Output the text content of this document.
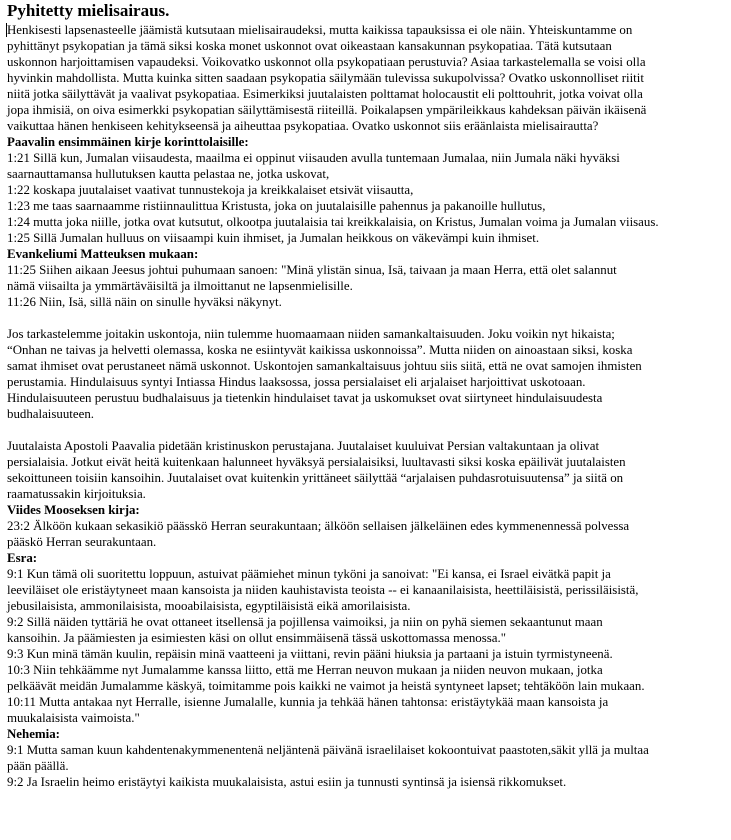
Pyhitetty mielisairaus.

Henkisesti lapsenasteelle jäämistä kutsutaan mielisairaudeksi, mutta kaikissa tapauksissa ei ole näin. Yhteiskuntamme on

pyhittänyt psykopatian ja tämä siksi koska monet uskonnot ovat oikeastaan kansakunnan psykopatiaa. Tätä kutsutaan

uskonnon harjoittamisen vapaudeksi. Voikovatko uskonnot olla psykopatiaan perustuvia? Asiaa tarkastelemalla se voisi olla

hyvinkin mahdollista. Mutta kuinka sitten saadaan psykopatia säilymään tulevissa sukupolvissa? Ovatko uskonnolliset riitit

niitä jotka säilyttävät ja vaalivat psykopatiaa. Esimerkiksi juutalaisten polttamat holocaustit eli polttouhrit, jotka voivat olla

jopa ihmisiä, on oiva esimerkki psykopatian säilyttämisestä riiteillä. Poikalapsen ympärileikkaus kahdeksan päivän ikäisenä

vaikuttaa hänen henkiseen kehitykseensä ja aiheuttaa psykopatiaa. Ovatko uskonnot siis eräänlaista mielisairautta?

Paavalin ensimmäinen kirje korinttolaisille:

1:21 Sillä kun, Jumalan viisaudesta, maailma ei oppinut viisauden avulla tuntemaan Jumalaa, niin Jumala näki hyväksi

saarnauttamansa hullutuksen kautta pelastaa ne, jotka uskovat,

1:22 koskapa juutalaiset vaativat tunnustekoja ja kreikkalaiset etsivät viisautta,

1:23 me taas saarnaamme ristiinnaulittua Kristusta, joka on juutalaisille pahennus ja pakanoille hullutus,

1:24 mutta joka niille, jotka ovat kutsutut, olkootpa juutalaisia tai kreikkalaisia, on Kristus, Jumalan voima ja Jumalan viisaus.

1:25 Sillä Jumalan hulluus on viisaampi kuin ihmiset, ja Jumalan heikkous on väkevämpi kuin ihmiset.

Evankeliumi Matteuksen mukaan:

11:25 Siihen aikaan Jeesus johtui puhumaan sanoen: "Minä ylistän sinua, Isä, taivaan ja maan Herra, että olet salannut

nämä viisailta ja ymmärtäväisiltä ja ilmoittanut ne lapsenmielisille.

11:26 Niin, Isä, sillä näin on sinulle hyväksi näkynyt.

Jos tarkastelemme joitakin uskontoja, niin tulemme huomaamaan niiden samankaltaisuuden. Joku voikin nyt hikaista;

“Onhan ne taivas ja helvetti olemassa, koska ne esiintyvät kaikissa uskonnoissa”. Mutta niiden on ainoastaan siksi, koska

samat ihmiset ovat perustaneet nämä uskonnot. Uskontojen samankaltaisuus johtuu siis siitä, että ne ovat samojen ihmisten

perustamia. Hindulaisuus syntyi Intiassa Hindus laaksossa, jossa persialaiset eli arjalaiset harjoittivat uskotoaan.

Hindulaisuuteen perustuu budhalaisuus ja tietenkin hindulaiset tavat ja uskomukset ovat siirtyneet hindulaisuudesta

budhalaisuuteen.

Juutalaista Apostoli Paavalia pidetään kristinuskon perustajana. Juutalaiset kuuluivat Persian valtakuntaan ja olivat

persialaisia. Jotkut eivät heitä kuitenkaan halunneet hyväksyä persialaisiksi, luultavasti siksi koska epäilivät juutalaisten

sekoittuneen toisiin kansoihin. Juutalaiset ovat kuitenkin yrittäneet säilyttää “arjalaisen puhdasrotuisuutensa” ja siitä on

raamatussakin kirjoituksia.

Viides Mooseksen kirja:

23:2 Älköön kukaan sekasikiö päässkö Herran seurakuntaan; älköön sellaisen jälkeläinen edes kymmenennessä polvessa

pääskö Herran seurakuntaan.

Esra:

9:1 Kun tämä oli suoritettu loppuun, astuivat päämiehet minun tyköni ja sanoivat: "Ei kansa, ei Israel eivätkä papit ja

leeviläiset ole eristäytyneet maan kansoista ja niiden kauhistavista teoista -- ei kanaanilaisista, heettiläisistä, perissiläisistä,

jebusilaisista, ammonilaisista, mooabilaisista, egyptiläisistä eikä amorilaisista.

9:2 Sillä näiden tyttäriä he ovat ottaneet itsellensä ja pojillensa vaimoiksi, ja niin on pyhä siemen sekaantunut maan

kansoihin. Ja päämiesten ja esimiesten käsi on ollut ensimmäisenä tässä uskottomassa menossa."

9:3 Kun minä tämän kuulin, repäisin minä vaatteeni ja viittani, revin pääni hiuksia ja partaani ja istuin tyrmistyneenä.

10:3 Niin tehkäämme nyt Jumalamme kanssa liitto, että me Herran neuvon mukaan ja niiden neuvon mukaan, jotka

pelkäävät meidän Jumalamme käskyä, toimitamme pois kaikki ne vaimot ja heistä syntyneet lapset; tehtäköön lain mukaan.

10:11 Mutta antakaa nyt Herralle, isienne Jumalalle, kunnia ja tehkää hänen tahtonsa: eristäytykää maan kansoista ja

muukalaisista vaimoista."

Nehemia:

9:1 Mutta saman kuun kahdentenakymmenentenä neljäntenä päivänä israelilaiset kokoontuivat paastoten,säkit yllä ja multaa

pään päällä.

9:2 Ja Israelin heimo eristäytyi kaikista muukalaisista, astui esiin ja tunnusti syntinsä ja isiensä rikkomukset.
